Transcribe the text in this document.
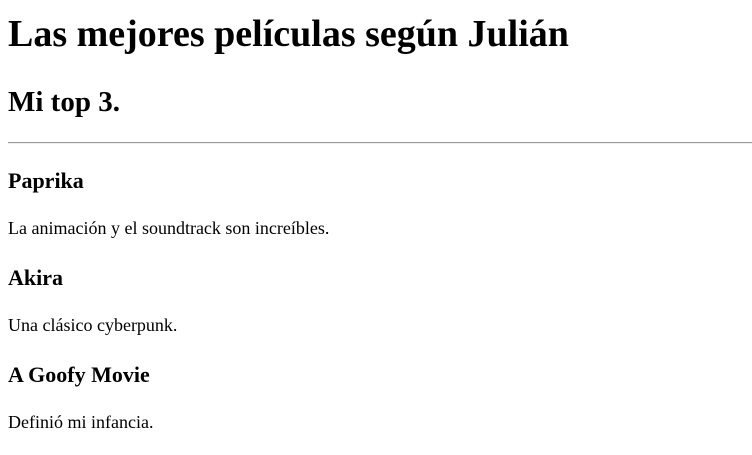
Las mejores películas según Julián
Mi top 3.
Paprika

La animación y el soundtrack son increíbles.

Akira

Una clásico cyberpunk.

A Goofy Movie

Definió mi infancia.
